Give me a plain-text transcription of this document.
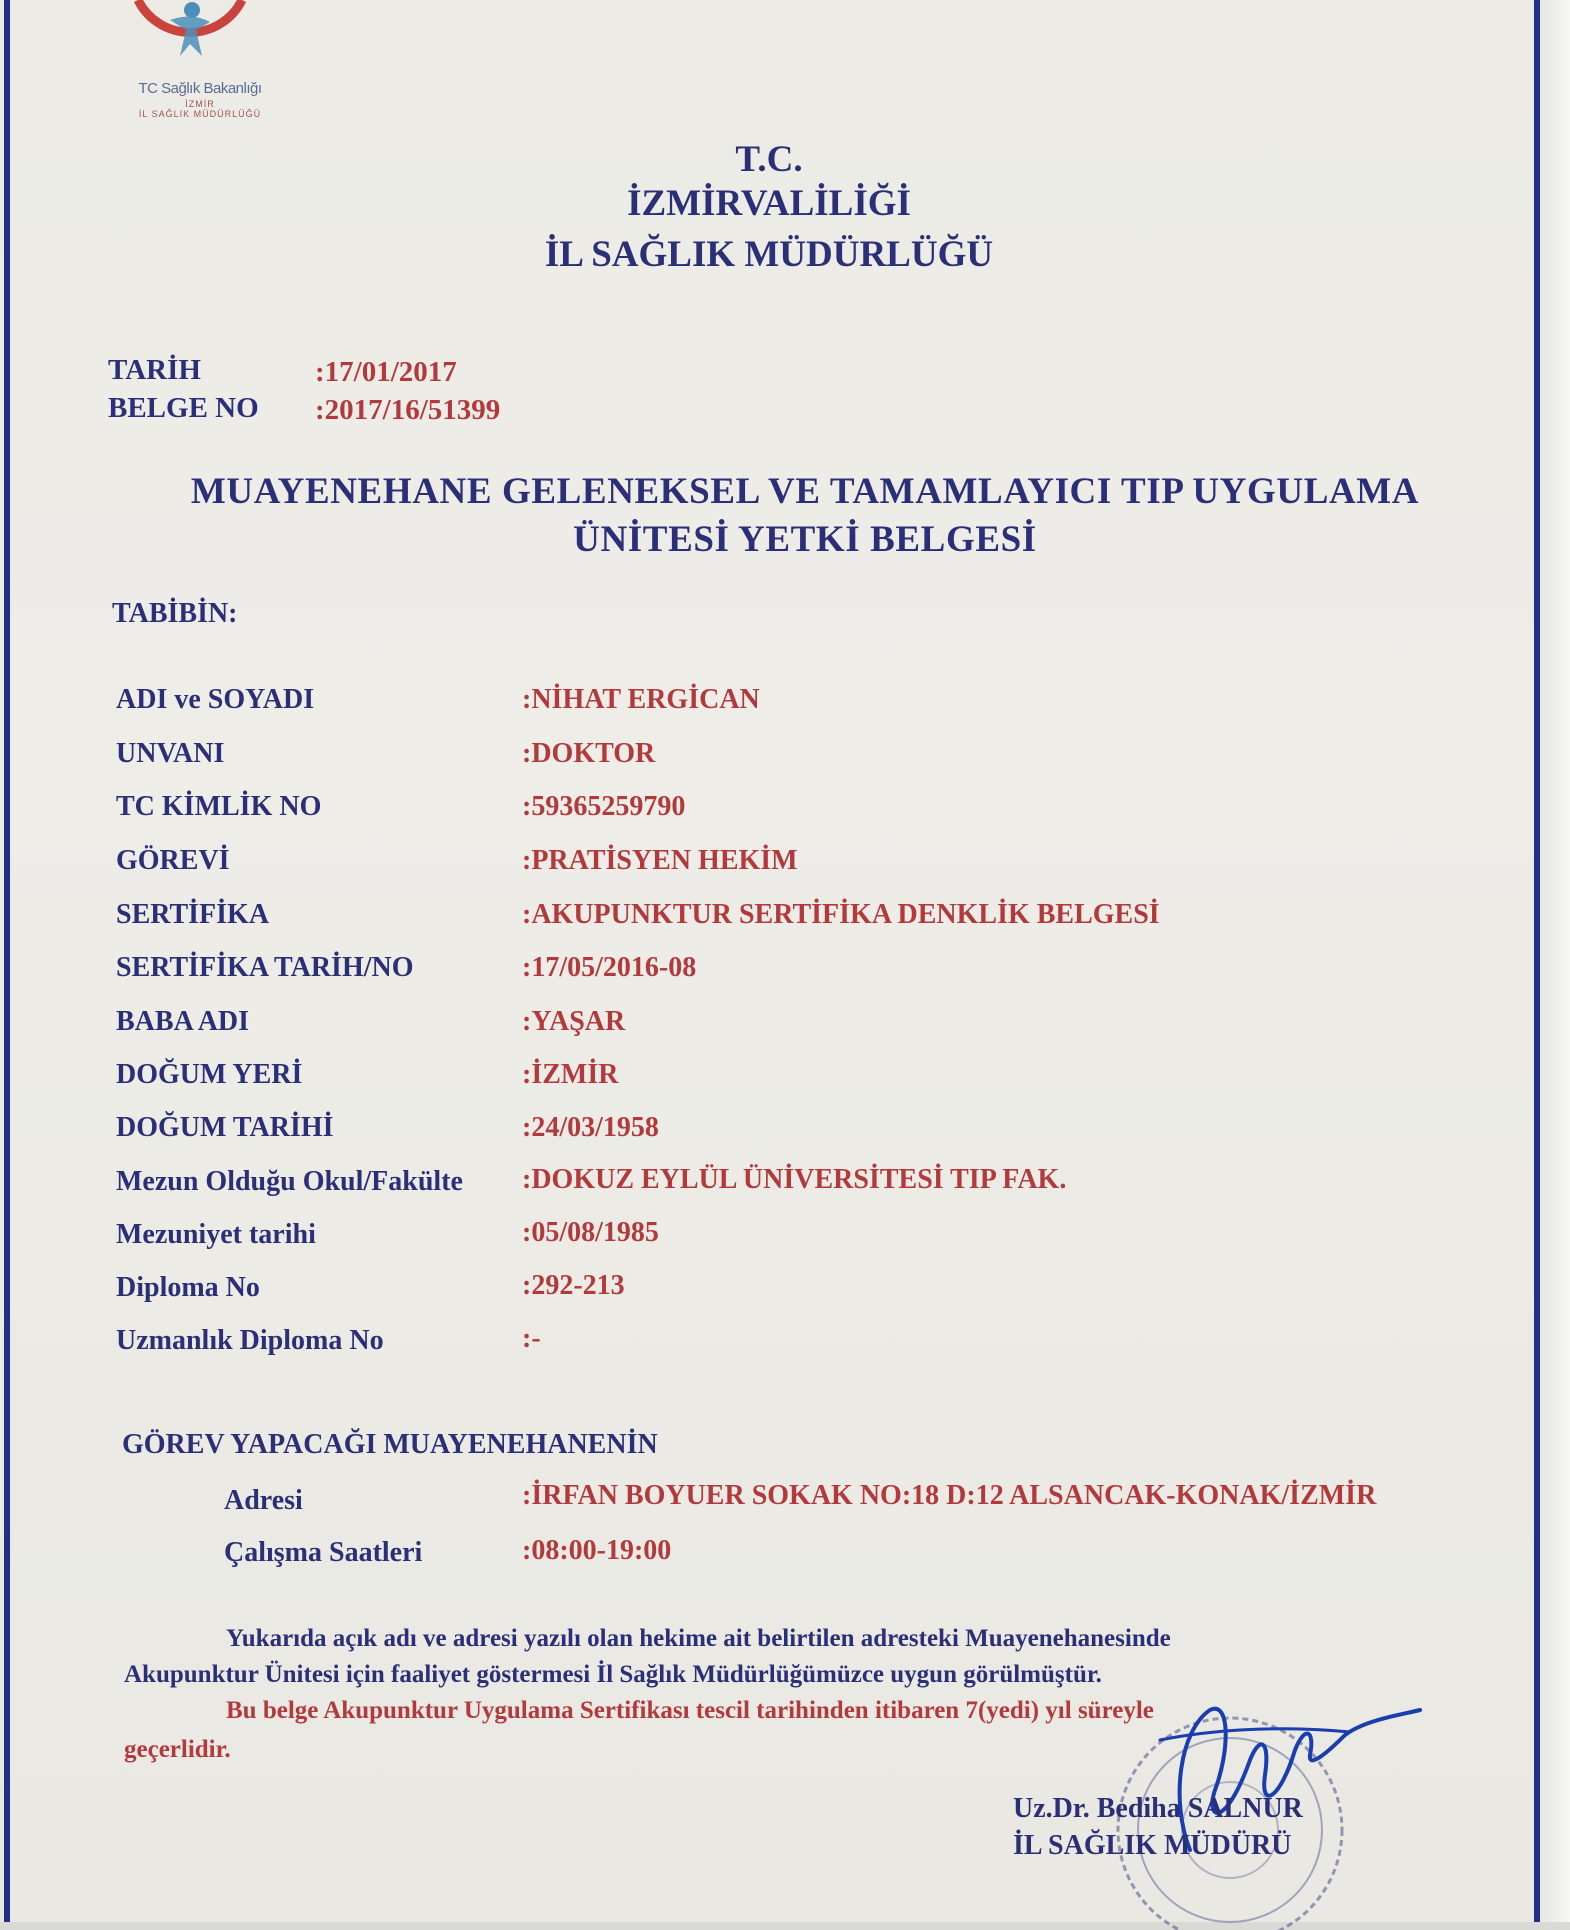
TC Sağlık Bakanlığı
İZMİR
İL SAĞLIK MÜDÜRLÜĞÜ
T.C.
İZMİRVALİLİĞİ
İL SAĞLIK MÜDÜRLÜĞÜ
TARİH	:17/01/2017
BELGE NO :2017/16/51399
MUAYENEHANE GELENEKSEL VE TAMAMLAYICI TIP UYGULAMA
ÜNİTESİ YETKİ BELGESİ
TABİBİN:
ADI ve SOYADI	:NİHAT ERGİCAN
UNVANI	:DOKTOR
TC KİMLİK NO	:59365259790
GÖREVİ	:PRATİSYEN HEKİM
SERTİFİKA	:AKUPUNKTUR SERTİFİKA DENKLİK BELGESİ
SERTİFİKA TARİH/NO	:17/05/2016-08
BABA ADI	:YAŞAR
DOĞUM YERİ	:İZMİR
DOĞUM TARİHİ	:24/03/1958
Mezun Olduğu Okul/Fakülte :DOKUZ EYLÜL ÜNİVERSİTESİ TIP FAK.
Mezuniyet tarihi	:05/08/1985
Diploma No	:292-213
Uzmanlık Diploma No	:-
GÖREV YAPACAĞI MUAYENEHANENİN
Adresi	:İRFAN BOYUER SOKAK NO:18 D:12 ALSANCAK-KONAK/İZMİR
Çalışma Saatleri	:08:00-19:00
Yukarıda açık adı ve adresi yazılı olan hekime ait belirtilen adresteki Muayenehanesinde
Akupunktur Ünitesi için faaliyet göstermesi İl Sağlık Müdürlüğümüzce uygun görülmüştür.
Bu belge Akupunktur Uygulama Sertifikası tescil tarihinden itibaren 7(yedi) yıl süreyle
geçerlidir.
Uz.Dr. Bediha SALNUR
İL SAĞLIK MÜDÜRÜ
